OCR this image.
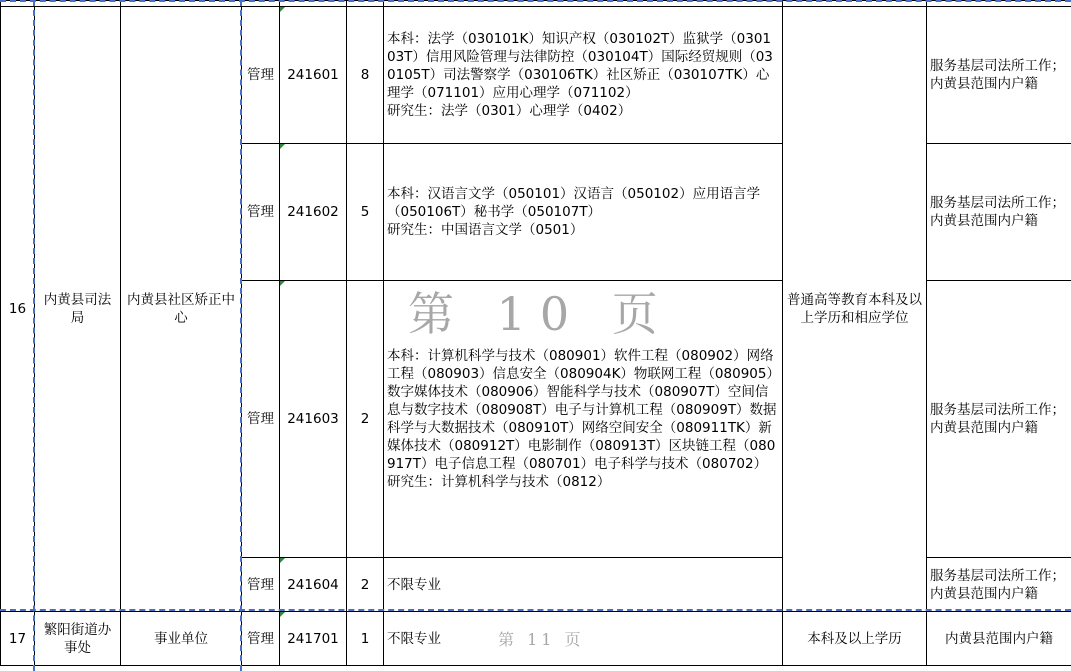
16	内黄县司法局	内黄县社区矫正中心	管理	241601	8	本科：法学（030101K）知识产权（030102T）监狱学（030103T）信用风险管理与法律防控（030104T）国际经贸规则（030105T）司法警察学（030106TK）社区矫正（030107TK）心理学（071101）应用心理学（071102）
研究生：法学（0301）心理学（0402）	普通高等教育本科及以上学历和相应学位	服务基层司法所工作；内黄县范围内户籍
			管理	241602	5	本科：汉语言文学（050101）汉语言（050102）应用语言学（050106T）秘书学（050107T）
研究生：中国语言文学（0501）		服务基层司法所工作；内黄县范围内户籍
			管理	241603	2	本科：计算机科学与技术（080901）软件工程（080902）网络工程（080903）信息安全（080904K）物联网工程（080905）数字媒体技术（080906）智能科学与技术（080907T）空间信息与数字技术（080908T）电子与计算机工程（080909T）数据科学与大数据技术（080910T）网络空间安全（080911TK）新媒体技术（080912T）电影制作（080913T）区块链工程（080917T）电子信息工程（080701）电子科学与技术（080702）
研究生：计算机科学与技术（0812）		服务基层司法所工作；内黄县范围内户籍
			管理	241604	2	不限专业		服务基层司法所工作；内黄县范围内户籍
17	繁阳街道办事处	事业单位	管理	241701	1	不限专业	本科及以上学历	内黄县范围内户籍
第 10 页
第 11 页
